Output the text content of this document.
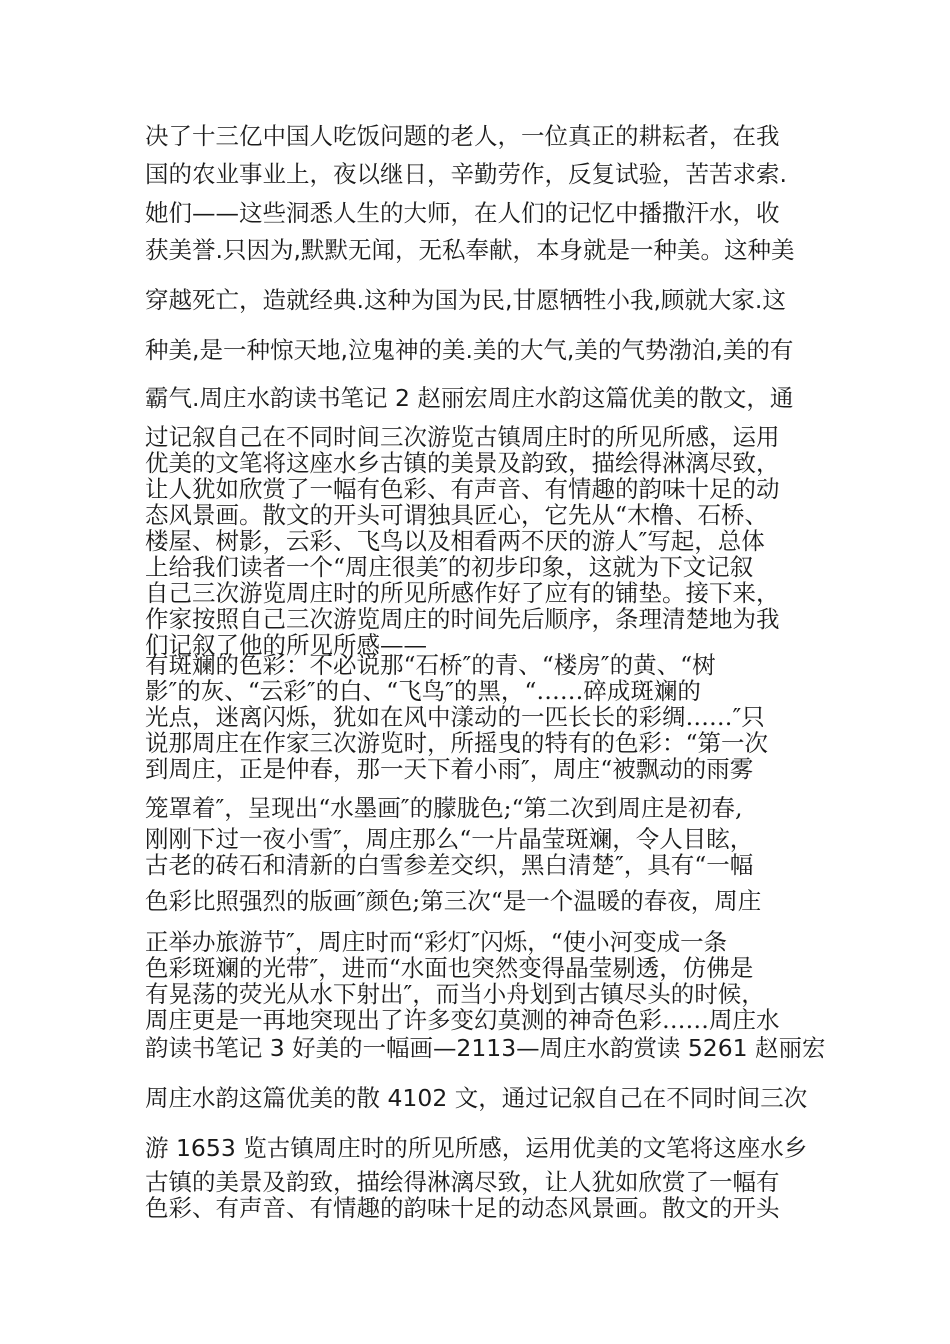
决了十三亿中国人吃饭问题的老人，一位真正的耕耘者，在我
国的农业事业上，夜以继日，辛勤劳作，反复试验，苦苦求索.
她们——这些洞悉人生的大师，在人们的记忆中播撒汗水，收
获美誉.只因为,默默无闻，无私奉献，本身就是一种美。这种美
穿越死亡，造就经典.这种为国为民,甘愿牺牲小我,顾就大家.这
种美,是一种惊天地,泣鬼神的美.美的大气,美的气势渤泊,美的有
霸气.周庄水韵读书笔记 2 赵丽宏周庄水韵这篇优美的散文，通
过记叙自己在不同时间三次游览古镇周庄时的所见所感，运用
优美的文笔将这座水乡古镇的美景及韵致，描绘得淋漓尽致，
让人犹如欣赏了一幅有色彩、有声音、有情趣的韵味十足的动
态风景画。散文的开头可谓独具匠心，它先从“木橹、石桥、
楼屋、树影，云彩、飞鸟以及相看两不厌的游人″写起，总体
上给我们读者一个“周庄很美″的初步印象，这就为下文记叙
自己三次游览周庄时的所见所感作好了应有的铺垫。接下来，
作家按照自己三次游览周庄的时间先后顺序，条理清楚地为我
们记叙了他的所见所感——
有斑斓的色彩：不必说那“石桥″的青、“楼房″的黄、“树
影″的灰、“云彩″的白、“飞鸟″的黑，“……碎成斑斓的
光点，迷离闪烁，犹如在风中漾动的一匹长长的彩绸……″只
说那周庄在作家三次游览时，所摇曳的特有的色彩：“第一次
到周庄，正是仲春，那一天下着小雨″，周庄“被飘动的雨雾
笼罩着″，呈现出“水墨画″的朦胧色;“第二次到周庄是初春,
刚刚下过一夜小雪″，周庄那么“一片晶莹斑斓，令人目眩，
古老的砖石和清新的白雪参差交织，黑白清楚″，具有“一幅
色彩比照强烈的版画″颜色;第三次“是一个温暖的春夜，周庄
正举办旅游节″，周庄时而“彩灯″闪烁，“使小河变成一条
色彩斑斓的光带″，进而“水面也突然变得晶莹剔透，仿佛是
有晃荡的荧光从水下射出″，而当小舟划到古镇尽头的时候，
周庄更是一再地突现出了许多变幻莫测的神奇色彩……周庄水
韵读书笔记 3 好美的一幅画—2113—周庄水韵赏读 5261 赵丽宏
周庄水韵这篇优美的散 4102 文，通过记叙自己在不同时间三次
游 1653 览古镇周庄时的所见所感，运用优美的文笔将这座水乡
古镇的美景及韵致，描绘得淋漓尽致，让人犹如欣赏了一幅有
色彩、有声音、有情趣的韵味十足的动态风景画。散文的开头
